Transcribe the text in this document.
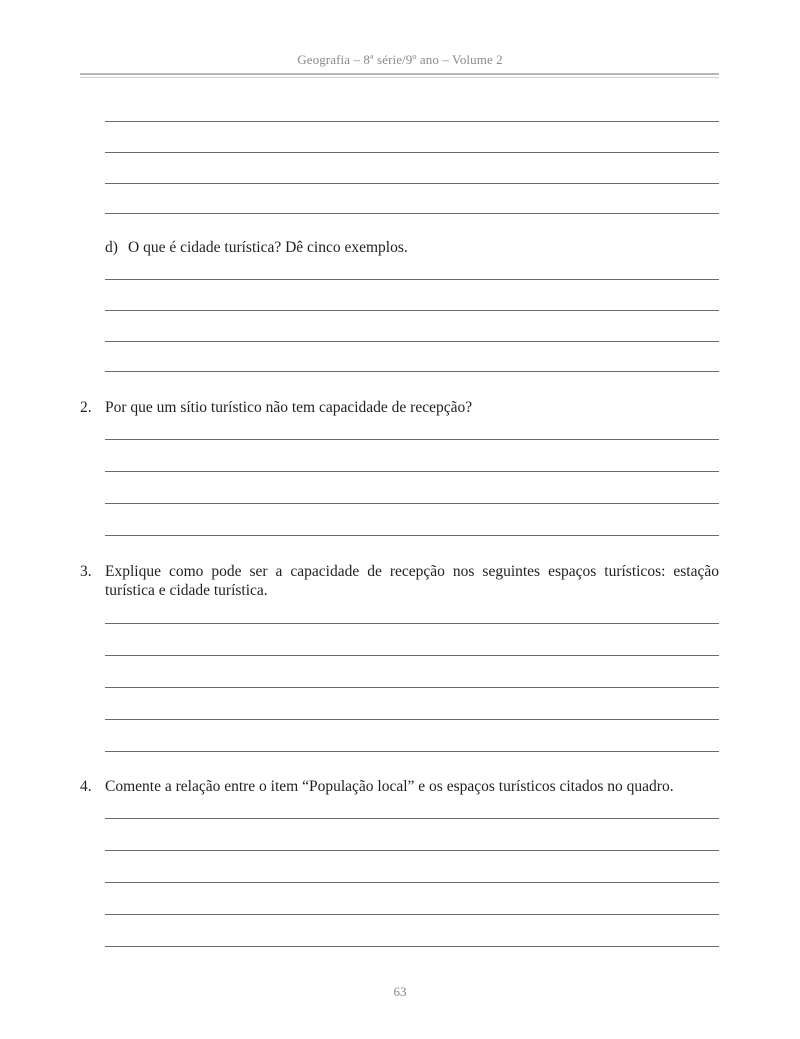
Geografia – 8ª série/9º ano – Volume 2
d) O que é cidade turística? Dê cinco exemplos.
2. Por que um sítio turístico não tem capacidade de recepção?
3. Explique como pode ser a capacidade de recepção nos seguintes espaços turísticos: estação turística e cidade turística.
4. Comente a relação entre o item “População local” e os espaços turísticos citados no quadro.
63
